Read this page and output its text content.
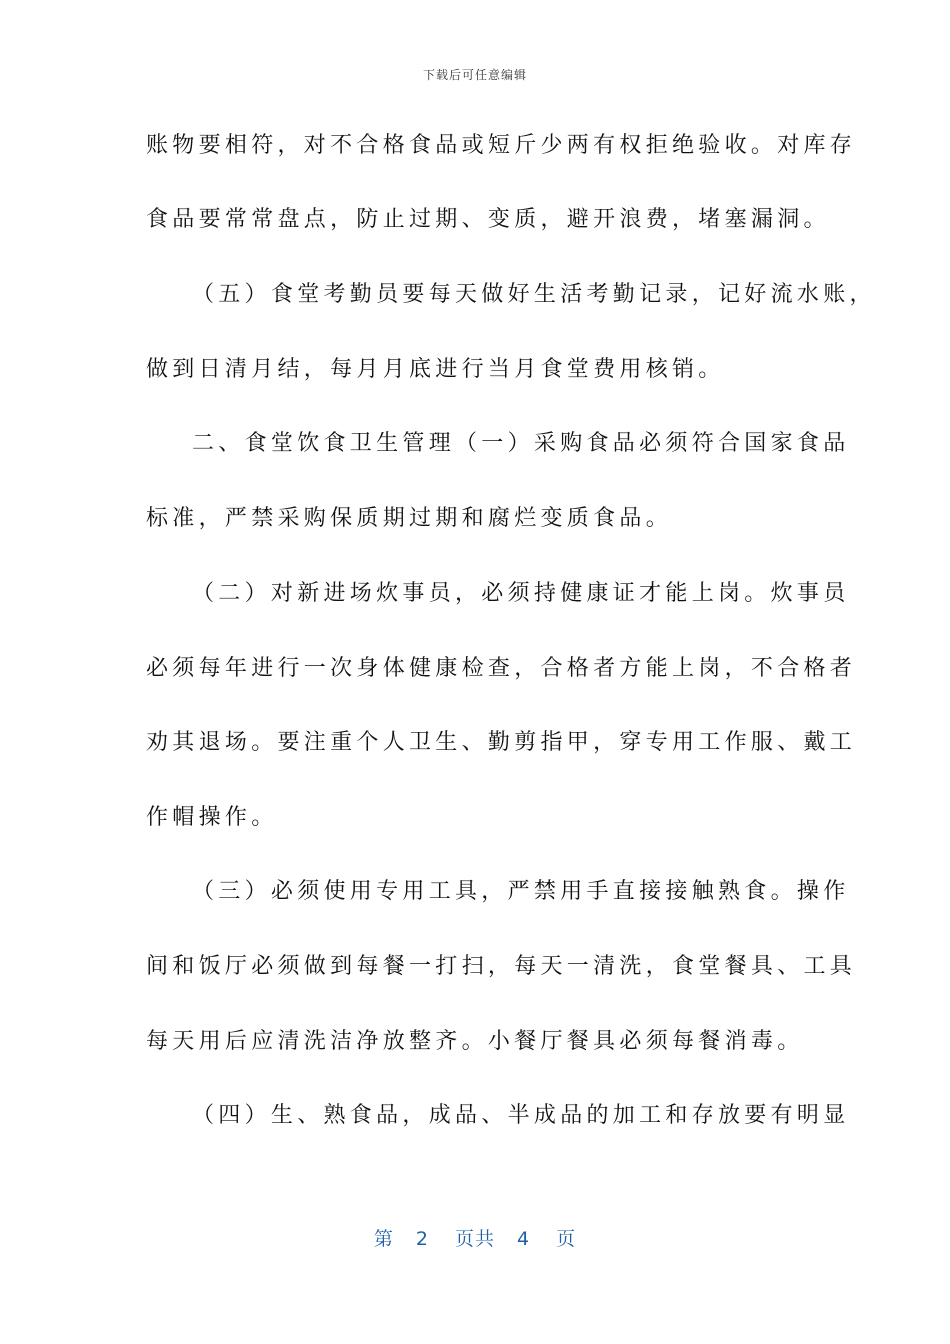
下载后可任意编辑
账物要相符，对不合格食品或短斤少两有权拒绝验收。对库存
食品要常常盘点，防止过期、变质，避开浪费，堵塞漏洞。
（五）食堂考勤员要每天做好生活考勤记录，记好流水账，
做到日清月结，每月月底进行当月食堂费用核销。
二、食堂饮食卫生管理（一）采购食品必须符合国家食品
标准，严禁采购保质期过期和腐烂变质食品。
（二）对新进场炊事员，必须持健康证才能上岗。炊事员
必须每年进行一次身体健康检查，合格者方能上岗，不合格者
劝其退场。要注重个人卫生、勤剪指甲，穿专用工作服、戴工
作帽操作。
（三）必须使用专用工具，严禁用手直接接触熟食。操作
间和饭厅必须做到每餐一打扫，每天一清洗，食堂餐具、工具
每天用后应清洗洁净放整齐。小餐厅餐具必须每餐消毒。
（四）生、熟食品，成品、半成品的加工和存放要有明显
第 2 页共 4 页
